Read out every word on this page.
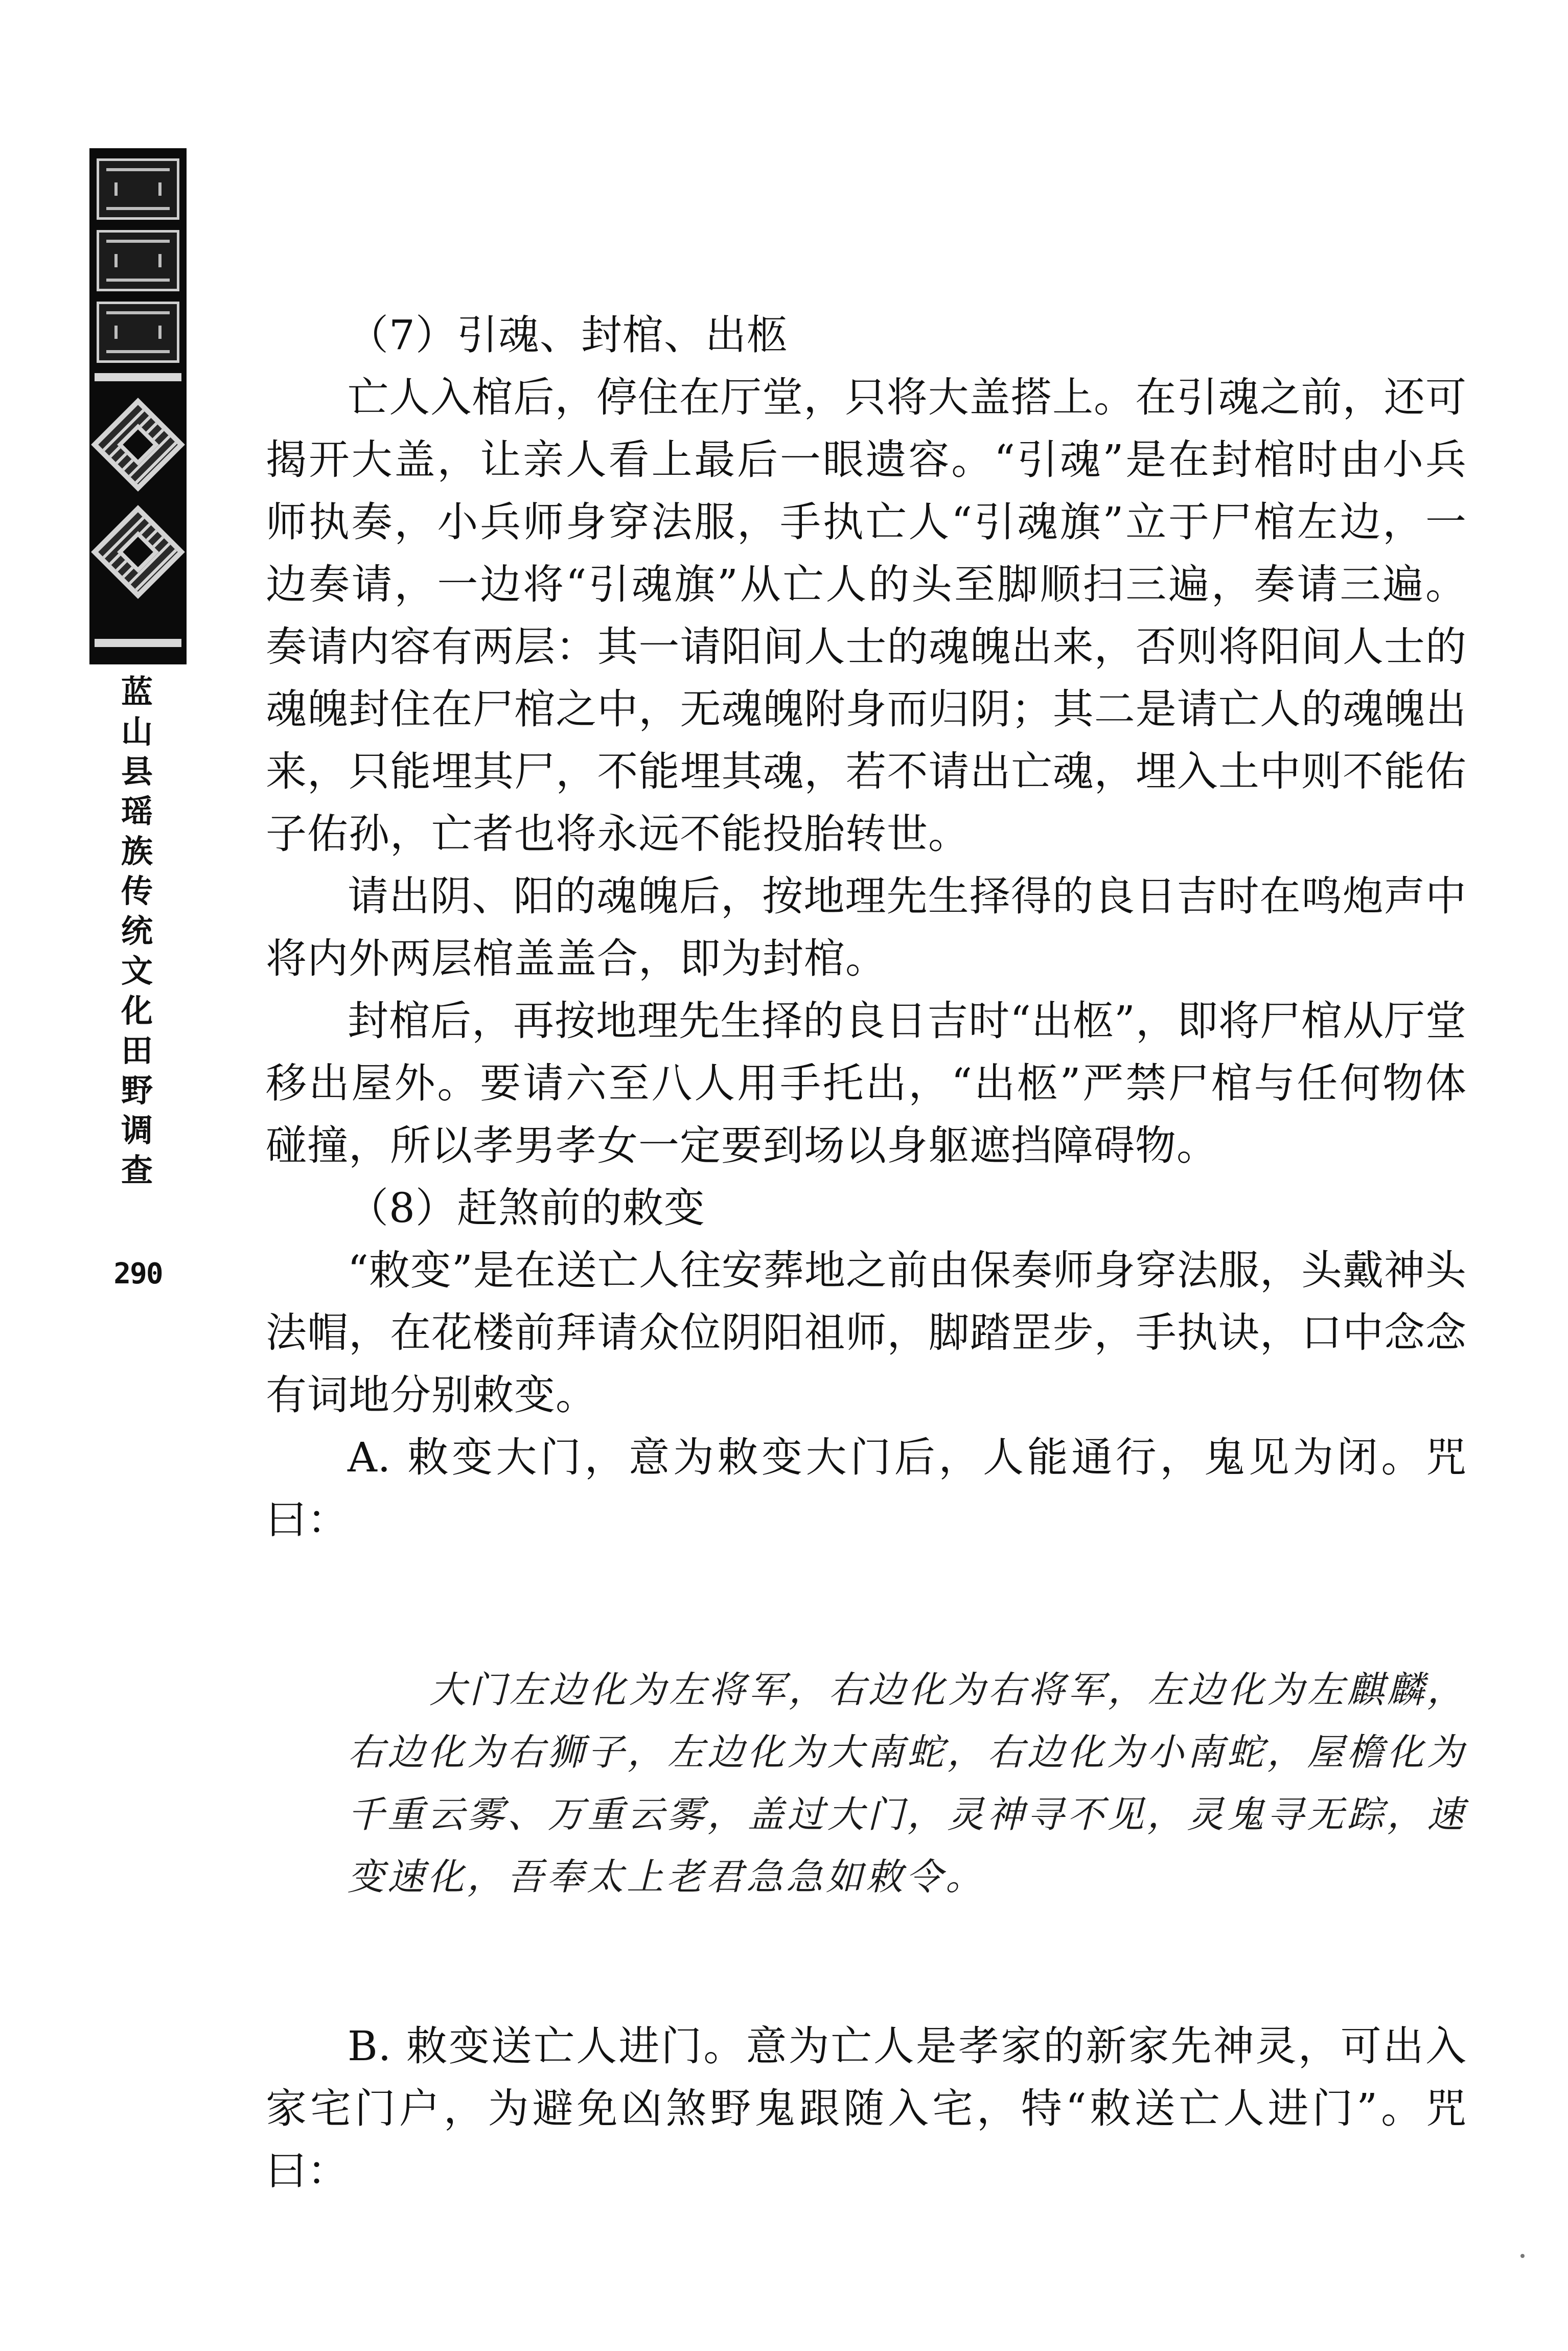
蓝山县瑶族传统文化田野调查
290

（7）引魂、封棺、出柩

亡人入棺后，停住在厅堂，只将大盖搭上。在引魂之前，还可揭开大盖，让亲人看上最后一眼遗容。“引魂”是在封棺时由小兵师执奏，小兵师身穿法服，手执亡人“引魂旗”立于尸棺左边，一边奏请，一边将“引魂旗”从亡人的头至脚顺扫三遍，奏请三遍。奏请内容有两层：其一请阳间人士的魂魄出来，否则将阳间人士的魂魄封住在尸棺之中，无魂魄附身而归阴；其二是请亡人的魂魄出来，只能埋其尸，不能埋其魂，若不请出亡魂，埋入土中则不能佑子佑孙，亡者也将永远不能投胎转世。

请出阴、阳的魂魄后，按地理先生择得的良日吉时在鸣炮声中将内外两层棺盖盖合，即为封棺。

封棺后，再按地理先生择的良日吉时“出柩”，即将尸棺从厅堂移出屋外。要请六至八人用手托出，“出柩”严禁尸棺与任何物体碰撞，所以孝男孝女一定要到场以身躯遮挡障碍物。

（8）赶煞前的敕变

“敕变”是在送亡人往安葬地之前由保奏师身穿法服，头戴神头法帽，在花楼前拜请众位阴阳祖师，脚踏罡步，手执诀，口中念念有词地分别敕变。

A. 敕变大门，意为敕变大门后，人能通行，鬼见为闭。咒曰：

大门左边化为左将军，右边化为右将军，左边化为左麒麟，右边化为右狮子，左边化为大南蛇，右边化为小南蛇，屋檐化为千重云雾、万重云雾，盖过大门，灵神寻不见，灵鬼寻无踪，速变速化，吾奉太上老君急急如敕令。

B. 敕变送亡人进门。意为亡人是孝家的新家先神灵，可出入家宅门户，为避免凶煞野鬼跟随入宅，特“敕送亡人进门”。咒曰：
